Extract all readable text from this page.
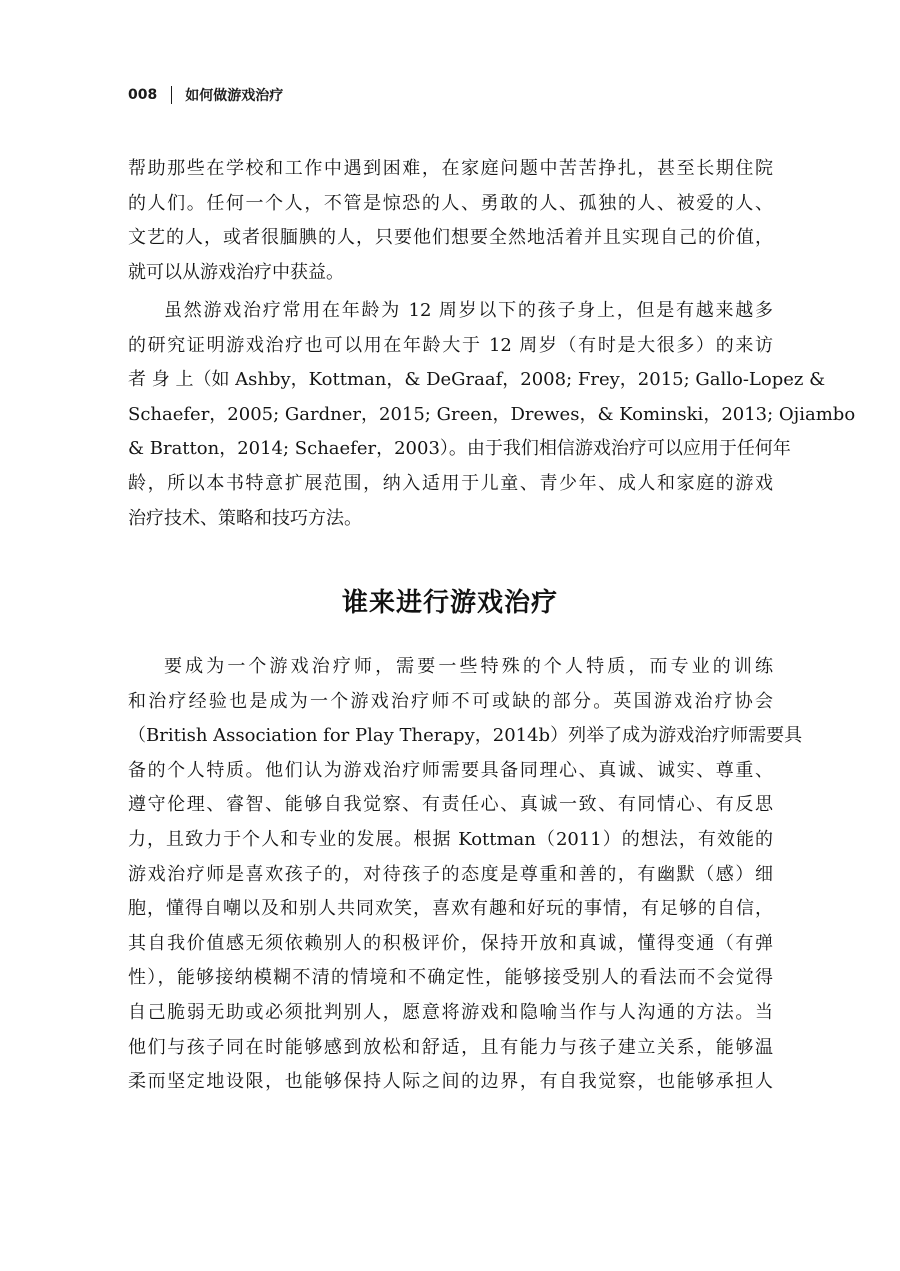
008 如何做游戏治疗
帮助那些在学校和工作中遇到困难，在家庭问题中苦苦挣扎，甚至长期住院
的人们。任何一个人，不管是惊恐的人、勇敢的人、孤独的人、被爱的人、
文艺的人，或者很腼腆的人，只要他们想要全然地活着并且实现自己的价值，
就可以从游戏治疗中获益。
虽然游戏治疗常用在年龄为 12 周岁以下的孩子身上，但是有越来越多
的研究证明游戏治疗也可以用在年龄大于 12 周岁（有时是大很多）的来访
者 身 上（如 Ashby，Kottman，& DeGraaf，2008; Frey，2015; Gallo-Lopez &
Schaefer，2005; Gardner，2015; Green，Drewes，& Kominski，2013; Ojiambo
& Bratton，2014; Schaefer，2003）。由于我们相信游戏治疗可以应用于任何年
龄，所以本书特意扩展范围，纳入适用于儿童、青少年、成人和家庭的游戏
治疗技术、策略和技巧方法。
谁来进行游戏治疗
要成为一个游戏治疗师，需要一些特殊的个人特质，而专业的训练
和治疗经验也是成为一个游戏治疗师不可或缺的部分。英国游戏治疗协会
（British Association for Play Therapy，2014b）列举了成为游戏治疗师需要具
备的个人特质。他们认为游戏治疗师需要具备同理心、真诚、诚实、尊重、
遵守伦理、睿智、能够自我觉察、有责任心、真诚一致、有同情心、有反思
力，且致力于个人和专业的发展。根据 Kottman（2011）的想法，有效能的
游戏治疗师是喜欢孩子的，对待孩子的态度是尊重和善的，有幽默（感）细
胞，懂得自嘲以及和别人共同欢笑，喜欢有趣和好玩的事情，有足够的自信，
其自我价值感无须依赖别人的积极评价，保持开放和真诚，懂得变通（有弹
性），能够接纳模糊不清的情境和不确定性，能够接受别人的看法而不会觉得
自己脆弱无助或必须批判别人，愿意将游戏和隐喻当作与人沟通的方法。当
他们与孩子同在时能够感到放松和舒适，且有能力与孩子建立关系，能够温
柔而坚定地设限，也能够保持人际之间的边界，有自我觉察，也能够承担人
